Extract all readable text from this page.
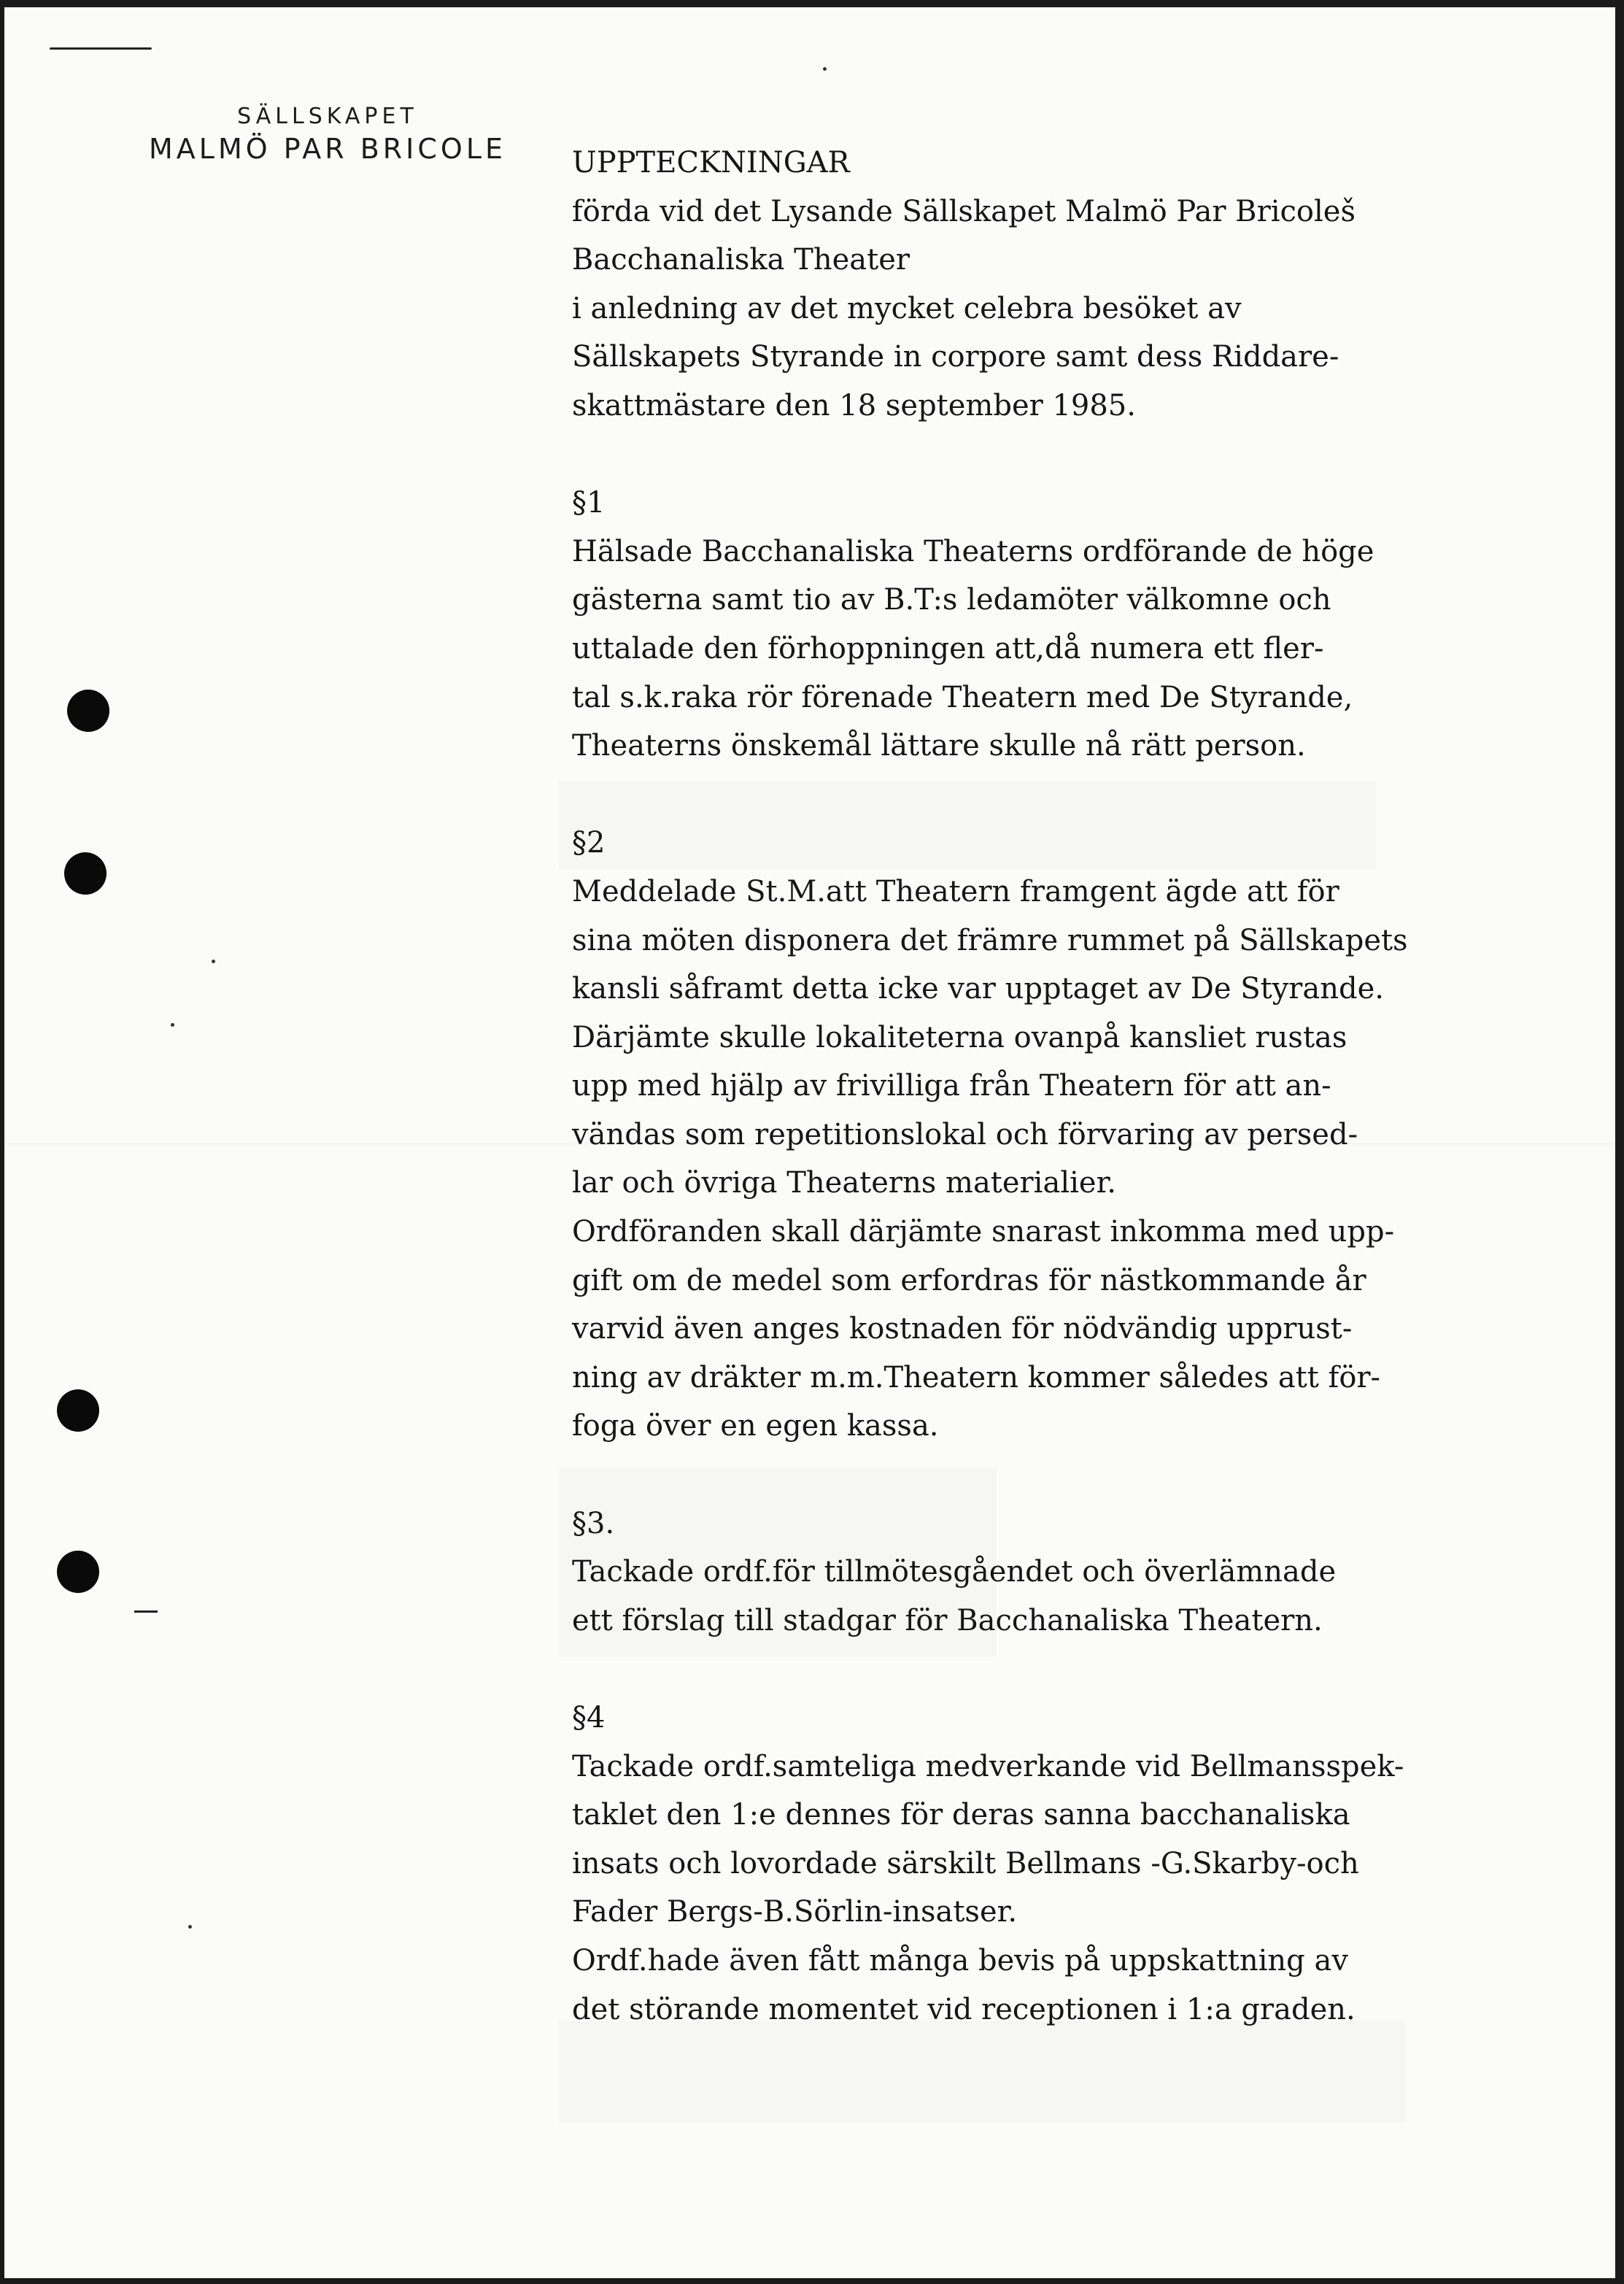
SÄLLSKAPET
MALMÖ PAR BRICOLE	UPPTECKNINGAR
förda vid det Lysande Sällskapet Malmö Par Bricoleš
Bacchanaliska Theater
i anledning av det mycket celebra besöket av
Sällskapets Styrande in corpore samt dess Riddare-
skattmästare den 18 september 1985.
§1
Hälsade Bacchanaliska Theaterns ordförande de höge
gästerna samt tio av B.T:s ledamöter välkomne och
uttalade den förhoppningen att,då numera ett fler-
tal s.k.raka rör förenade Theatern med De Styrande,
Theaterns önskemål lättare skulle nå rätt person.
§2
Meddelade St.M.att Theatern framgent ägde att för
sina möten disponera det främre rummet på Sällskapets
kansli såframt detta icke var upptaget av De Styrande.
Därjämte skulle lokaliteterna ovanpå kansliet rustas
upp med hjälp av frivilliga från Theatern för att an-
vändas som repetitionslokal och förvaring av persed-
lar och övriga Theaterns materialier.
Ordföranden skall därjämte snarast inkomma med upp-
gift om de medel som erfordras för nästkommande år
varvid även anges kostnaden för nödvändig upprust-
ning av dräkter m.m.Theatern kommer således att för-
foga över en egen kassa.
§3.
Tackade ordf.för tillmötesgåendet och överlämnade
ett förslag till stadgar för Bacchanaliska Theatern.
§4
Tackade ordf.samteliga medverkande vid Bellmansspek-
taklet den 1:e dennes för deras sanna bacchanaliska
insats och lovordade särskilt Bellmans -G.Skarby-och
Fader Bergs-B.Sörlin-insatser.
Ordf.hade även fått många bevis på uppskattning av
det störande momentet vid receptionen i 1:a graden.
